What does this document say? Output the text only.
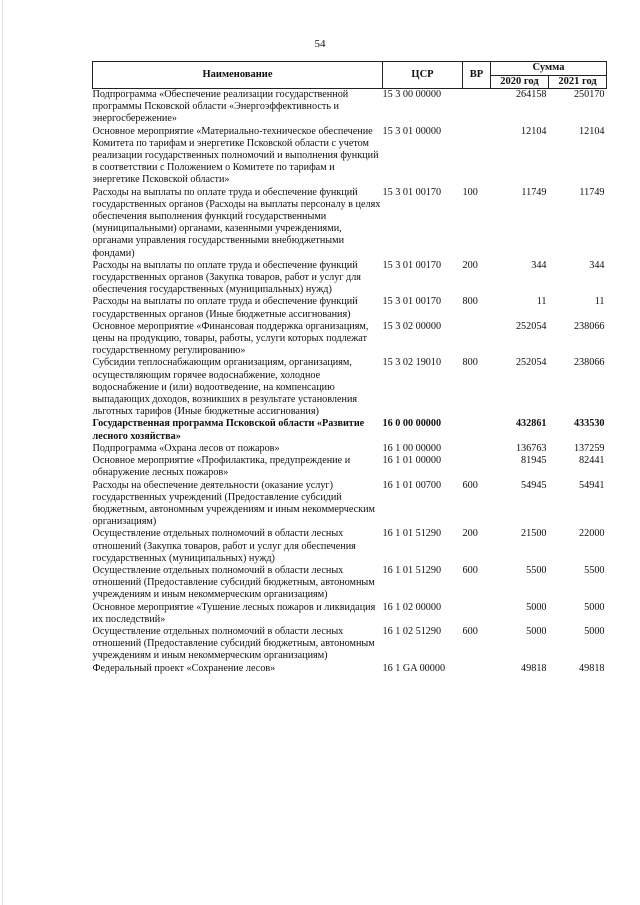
54
Наименование	ЦСР	ВР	Сумма	
			2020 год	2021 год
Подпрограмма «Обеспечение реализации государственной программы Псковской области «Энергоэффективность и энергосбережение»	15 3 00 00000		264158	250170
Основное мероприятие «Материально-техническое обеспечение Комитета по тарифам и энергетике Псковской области с учетом реализации государственных полномочий и выполнения функций в соответствии с Положением о Комитете по тарифам и энергетике Псковской области»	15 3 01 00000		12104	12104
Расходы на выплаты по оплате труда и обеспечение функций государственных органов (Расходы на выплаты персоналу в целях обеспечения выполнения функций государственными (муниципальными) органами, казенными учреждениями, органами управления государственными внебюджетными фондами)	15 3 01 00170	100	11749	11749
Расходы на выплаты по оплате труда и обеспечение функций государственных органов (Закупка товаров, работ и услуг для обеспечения государственных (муниципальных) нужд)	15 3 01 00170	200	344	344
Расходы на выплаты по оплате труда и обеспечение функций государственных органов (Иные бюджетные ассигнования)	15 3 01 00170	800	11	11
Основное мероприятие «Финансовая поддержка организациям, цены на продукцию, товары, работы, услуги которых подлежат государственному регулированию»	15 3 02 00000		252054	238066
Субсидии теплоснабжающим организациям, организациям, осуществляющим горячее водоснабжение, холодное водоснабжение и (или) водоотведение, на компенсацию выпадающих доходов, возникших в результате установления льготных тарифов (Иные бюджетные ассигнования)	15 3 02 19010	800	252054	238066
Государственная программа Псковской области «Развитие лесного хозяйства»	16 0 00 00000		432861	433530
Подпрограмма «Охрана лесов от пожаров»	16 1 00 00000		136763	137259
Основное мероприятие «Профилактика, предупреждение и обнаружение лесных пожаров»	16 1 01 00000		81945	82441
Расходы на обеспечение деятельности (оказание услуг) государственных учреждений (Предоставление субсидий бюджетным, автономным учреждениям и иным некоммерческим организациям)	16 1 01 00700	600	54945	54941
Осуществление отдельных полномочий в области лесных отношений (Закупка товаров, работ и услуг для обеспечения государственных (муниципальных) нужд)	16 1 01 51290	200	21500	22000
Осуществление отдельных полномочий в области лесных отношений (Предоставление субсидий бюджетным, автономным учреждениям и иным некоммерческим организациям)	16 1 01 51290	600	5500	5500
Основное мероприятие «Тушение лесных пожаров и ликвидация их последствий»	16 1 02 00000		5000	5000
Осуществление отдельных полномочий в области лесных отношений (Предоставление субсидий бюджетным, автономным учреждениям и иным некоммерческим организациям)	16 1 02 51290	600	5000	5000
Федеральный проект «Сохранение лесов»	16 1 GA 00000		49818	49818
